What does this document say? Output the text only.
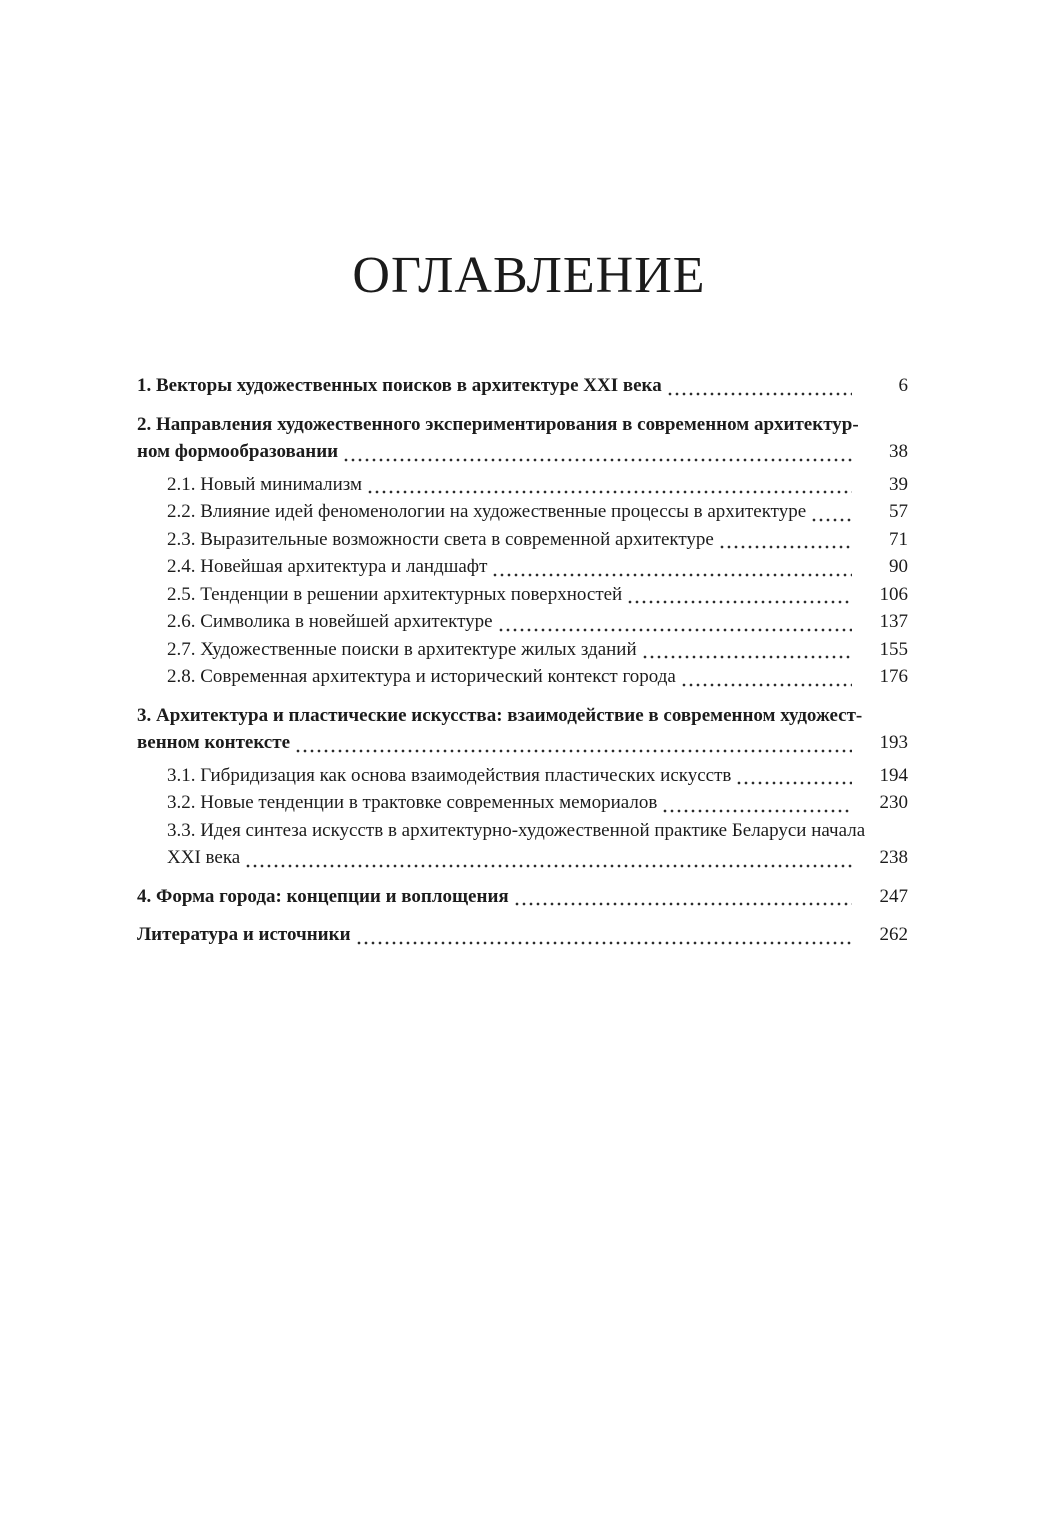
ОГЛАВЛЕНИЕ
1. Векторы художественных поисков в архитектуре XXI века	6
2. Направления художественного экспериментирования в современном архитектур-
ном формообразовании	38
2.1. Новый минимализм	39
2.2. Влияние идей феноменологии на художественные процессы в архитектуре	57
2.3. Выразительные возможности света в современной архитектуре	71
2.4. Новейшая архитектура и ландшафт	90
2.5. Тенденции в решении архитектурных поверхностей	106
2.6. Символика в новейшей архитектуре	137
2.7. Художественные поиски в архитектуре жилых зданий	155
2.8. Современная архитектура и исторический контекст города	176
3. Архитектура и пластические искусства: взаимодействие в современном художест-
венном контексте	193
3.1. Гибридизация как основа взаимодействия пластических искусств	194
3.2. Новые тенденции в трактовке современных мемориалов	230
3.3. Идея синтеза искусств в архитектурно-художественной практике Беларуси начала
XXI века	238
4. Форма города: концепции и воплощения	247
Литература и источники	262
